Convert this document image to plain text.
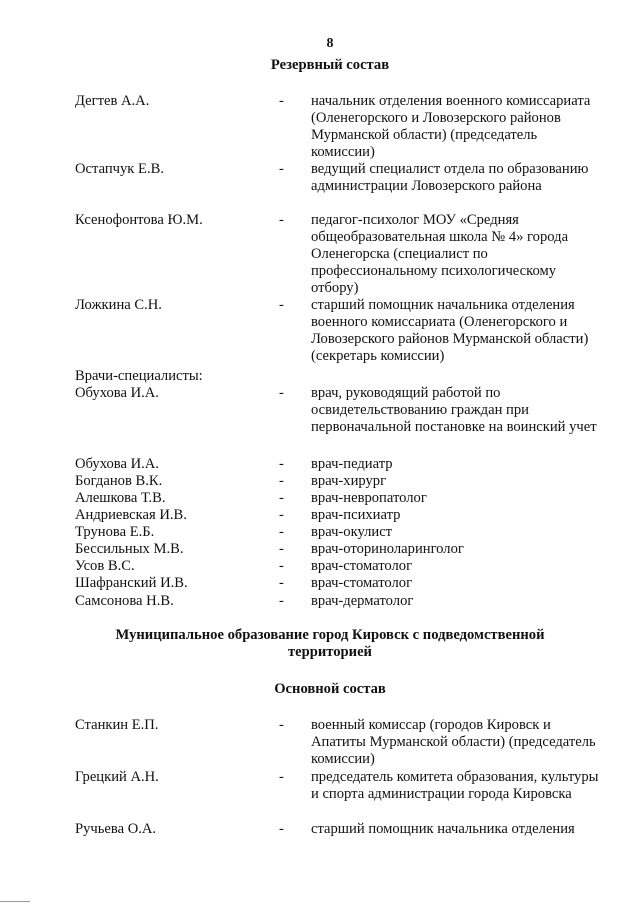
8
Резервный состав
Дегтев А.А.	- начальник отделения военного комиссариата (Оленегорского и Ловозерского районов Мурманской области) (председатель комиссии)
Остапчук Е.В.	- ведущий специалист отдела по образованию администрации Ловозерского района
Ксенофонтова Ю.М.	- педагог-психолог МОУ «Средняя общеобразовательная школа № 4» города Оленегорска (специалист по профессиональному психологическому отбору)
Ложкина С.Н.	- старший помощник начальника отделения военного комиссариата (Оленегорского и Ловозерского районов Мурманской области) (секретарь комиссии)
Врачи-специалисты:
Обухова И.А.	- врач, руководящий работой по освидетельствованию граждан при первоначальной постановке на воинский учет
Обухова И.А.	- врач-педиатр
Богданов В.К.	- врач-хирург
Алешкова Т.В.	- врач-невропатолог
Андриевская И.В.	- врач-психиатр
Трунова Е.Б.	- врач-окулист
Бессильных М.В.	- врач-оториноларинголог
Усов В.С.	- врач-стоматолог
Шафранский И.В.	- врач-стоматолог
Самсонова Н.В.	- врач-дерматолог
Муниципальное образование город Кировск с подведомственной территорией
Основной состав
Станкин Е.П.	- военный комиссар (городов Кировск и Апатиты Мурманской области) (председатель комиссии)
Грецкий А.Н.	- председатель комитета образования, культуры и спорта администрации города Кировска
Ручьева О.А.	- старший помощник начальника отделения
